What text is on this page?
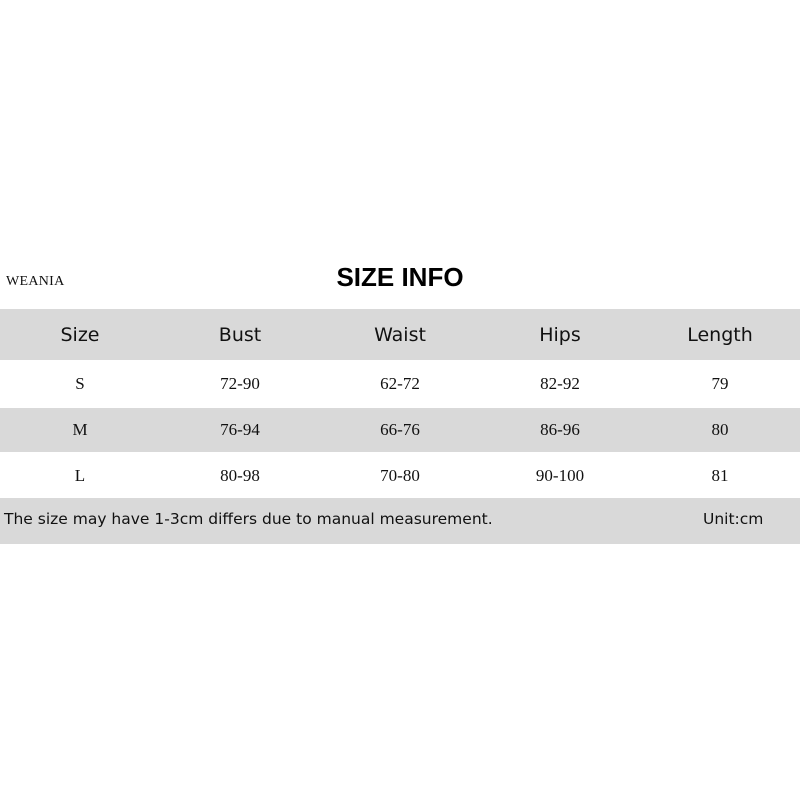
WEANIA	SIZE INFO
Size	Bust	Waist	Hips	Length
S	72-90	62-72	82-92	79
M	76-94	66-76	86-96	80
L	80-98	70-80	90-100	81
The size may have 1-3cm differs due to manual measurement.	Unit:cm
